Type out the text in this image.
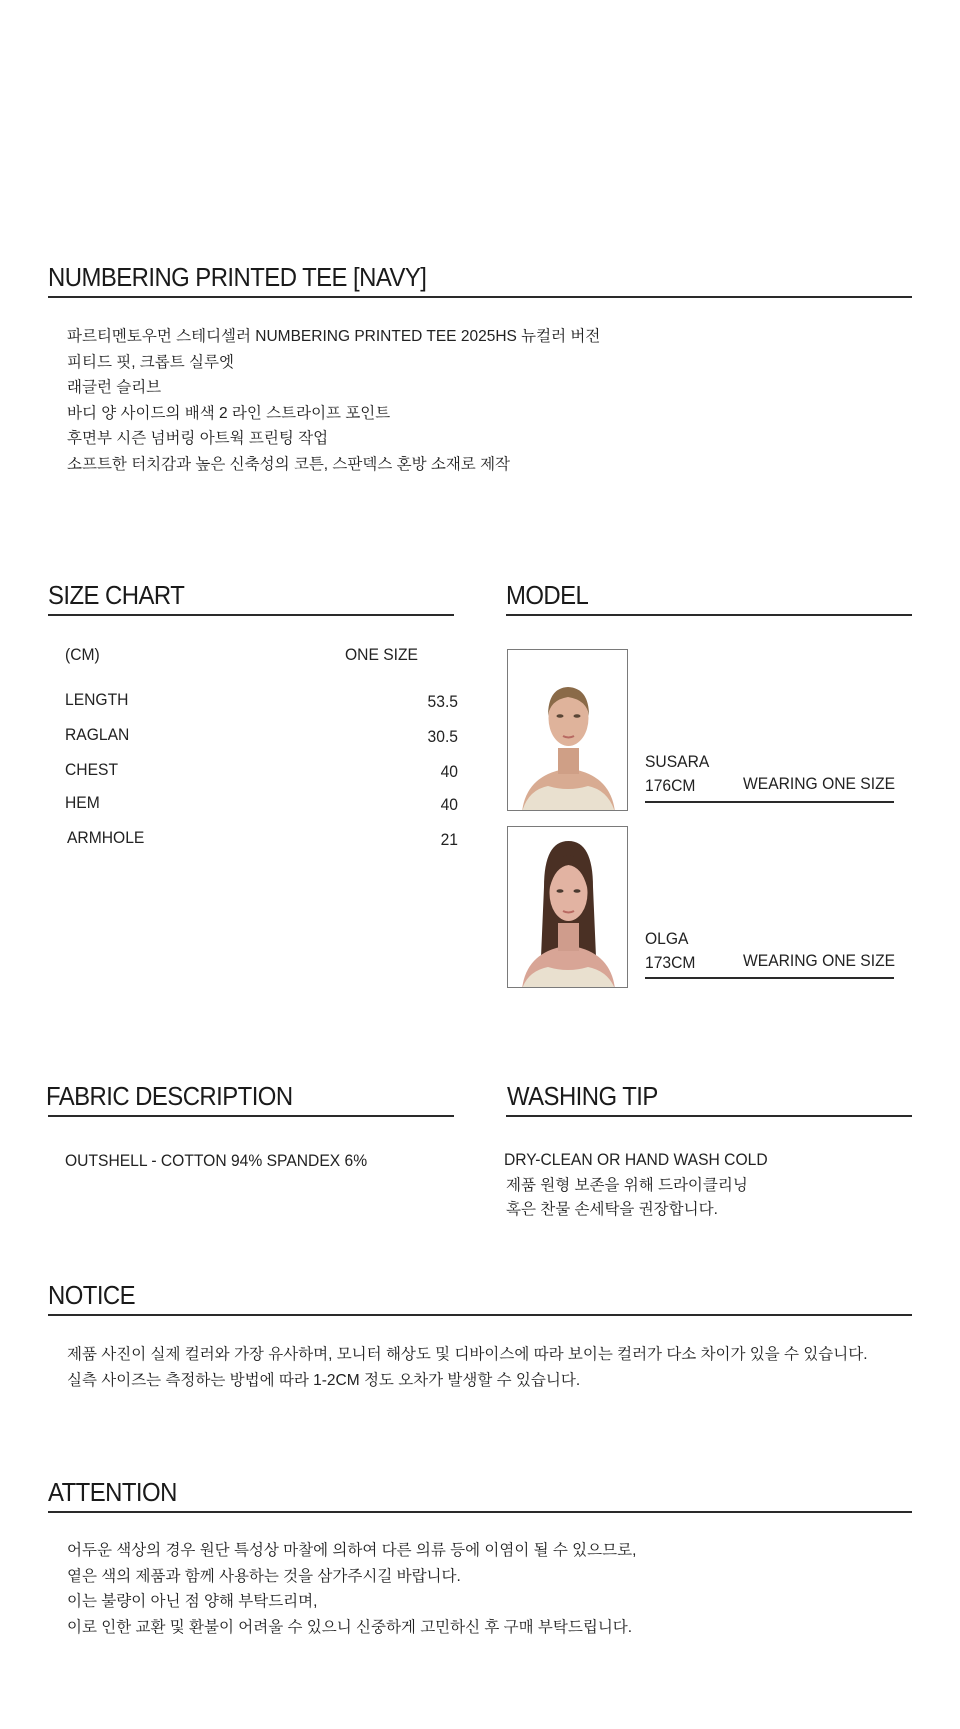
NUMBERING PRINTED TEE [NAVY]
파르티멘토우먼 스테디셀러 NUMBERING PRINTED TEE 2025HS 뉴컬러 버전
피티드 핏, 크롭트 실루엣
래글런 슬리브
바디 양 사이드의 배색 2 라인 스트라이프 포인트
후면부 시즌 넘버링 아트웍 프린팅 작업
소프트한 터치감과 높은 신축성의 코튼, 스판덱스 혼방 소재로 제작
SIZE CHART
(CM)	ONE SIZE
LENGTH	53.5
RAGLAN	30.5
CHEST	40
HEM	40
ARMHOLE	21
MODEL
SUSARA
176CM	WEARING ONE SIZE
OLGA
173CM	WEARING ONE SIZE
FABRIC DESCRIPTION
OUTSHELL - COTTON 94% SPANDEX 6%
WASHING TIP
DRY-CLEAN OR HAND WASH COLD
제품 원형 보존을 위해 드라이클리닝
혹은 찬물 손세탁을 권장합니다.
NOTICE
제품 사진이 실제 컬러와 가장 유사하며, 모니터 해상도 및 디바이스에 따라 보이는 컬러가 다소 차이가 있을 수 있습니다.
실측 사이즈는 측정하는 방법에 따라 1-2CM 정도 오차가 발생할 수 있습니다.
ATTENTION
어두운 색상의 경우 원단 특성상 마찰에 의하여 다른 의류 등에 이염이 될 수 있으므로,
옅은 색의 제품과 함께 사용하는 것을 삼가주시길 바랍니다.
이는 불량이 아닌 점 양해 부탁드리며,
이로 인한 교환 및 환불이 어려울 수 있으니 신중하게 고민하신 후 구매 부탁드립니다.
